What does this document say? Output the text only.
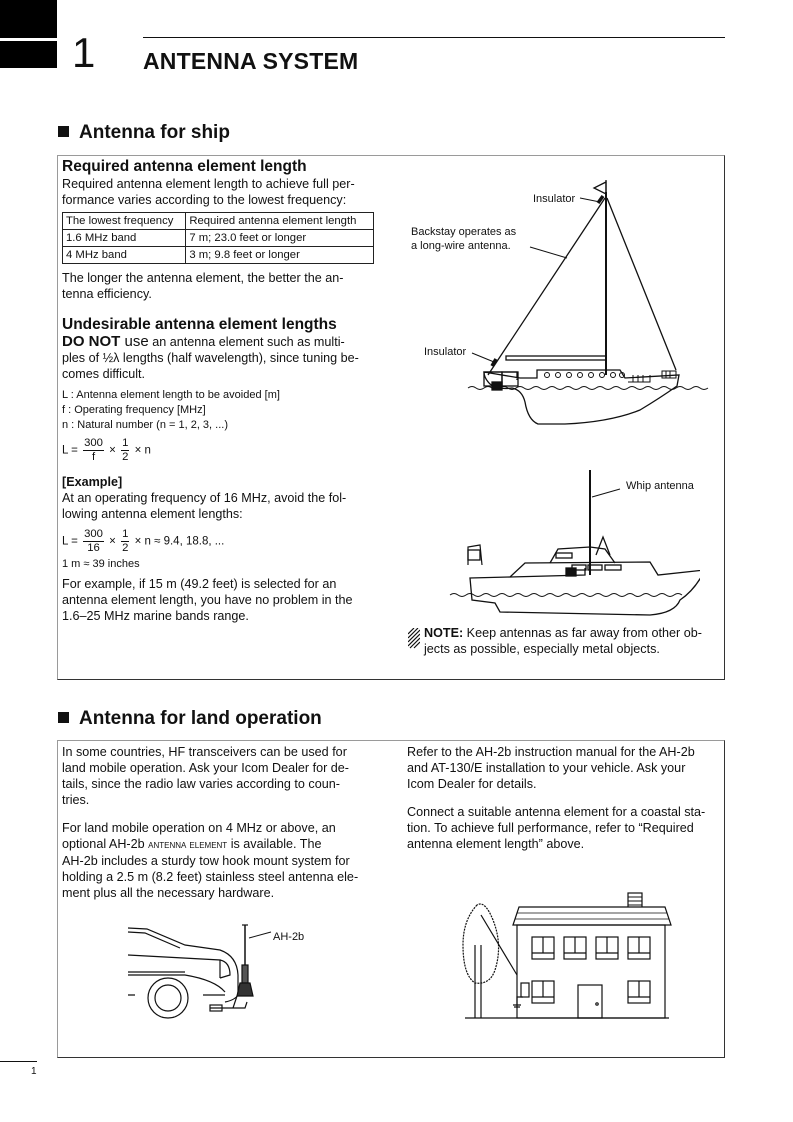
1 ANTENNA SYSTEM
Antenna for ship
Required antenna element length
Required antenna element length to achieve full per-
formance varies according to the lowest frequency:
The lowest frequency	Required antenna element length
1.6 MHz band	7 m; 23.0 feet or longer
4 MHz band	3 m; 9.8 feet or longer
The longer the antenna element, the better the an-
tenna efficiency.
Undesirable antenna element lengths
DO NOT use an antenna element such as multi-
ples of ½λ lengths (half wavelength), since tuning be-
comes difficult.
L : Antenna element length to be avoided [m]
f : Operating frequency [MHz]
n : Natural number (n = 1, 2, 3, ...)
$L = \frac{300}{f} \times \frac{1}{2} \times n$
[Example]
At an operating frequency of 16 MHz, avoid the fol-
lowing antenna element lengths:
$L = \frac{300}{16} \times \frac{1}{2} \times n \approx 9.4$, 18.8, ...
1 m ≈ 39 inches
For example, if 15 m (49.2 feet) is selected for an
antenna element length, you have no problem in the
1.6–25 MHz marine bands range.
Insulator
Backstay operates as
a long-wire antenna.
Insulator
Whip antenna
NOTE: Keep antennas as far away from other ob-
jects as possible, especially metal objects.
Antenna for land operation
In some countries, HF transceivers can be used for
land mobile operation. Ask your Icom Dealer for de-
tails, since the radio law varies according to coun-
tries.
For land mobile operation on 4 MHz or above, an
optional AH-2b antenna element is available. The
AH-2b includes a sturdy tow hook mount system for
holding a 2.5 m (8.2 feet) stainless steel antenna ele-
ment plus all the necessary hardware.
Refer to the AH-2b instruction manual for the AH-2b
and AT-130/E installation to your vehicle. Ask your
Icom Dealer for details.
Connect a suitable antenna element for a coastal sta-
tion. To achieve full performance, refer to “Required
antenna element length” above.
AH-2b
1
